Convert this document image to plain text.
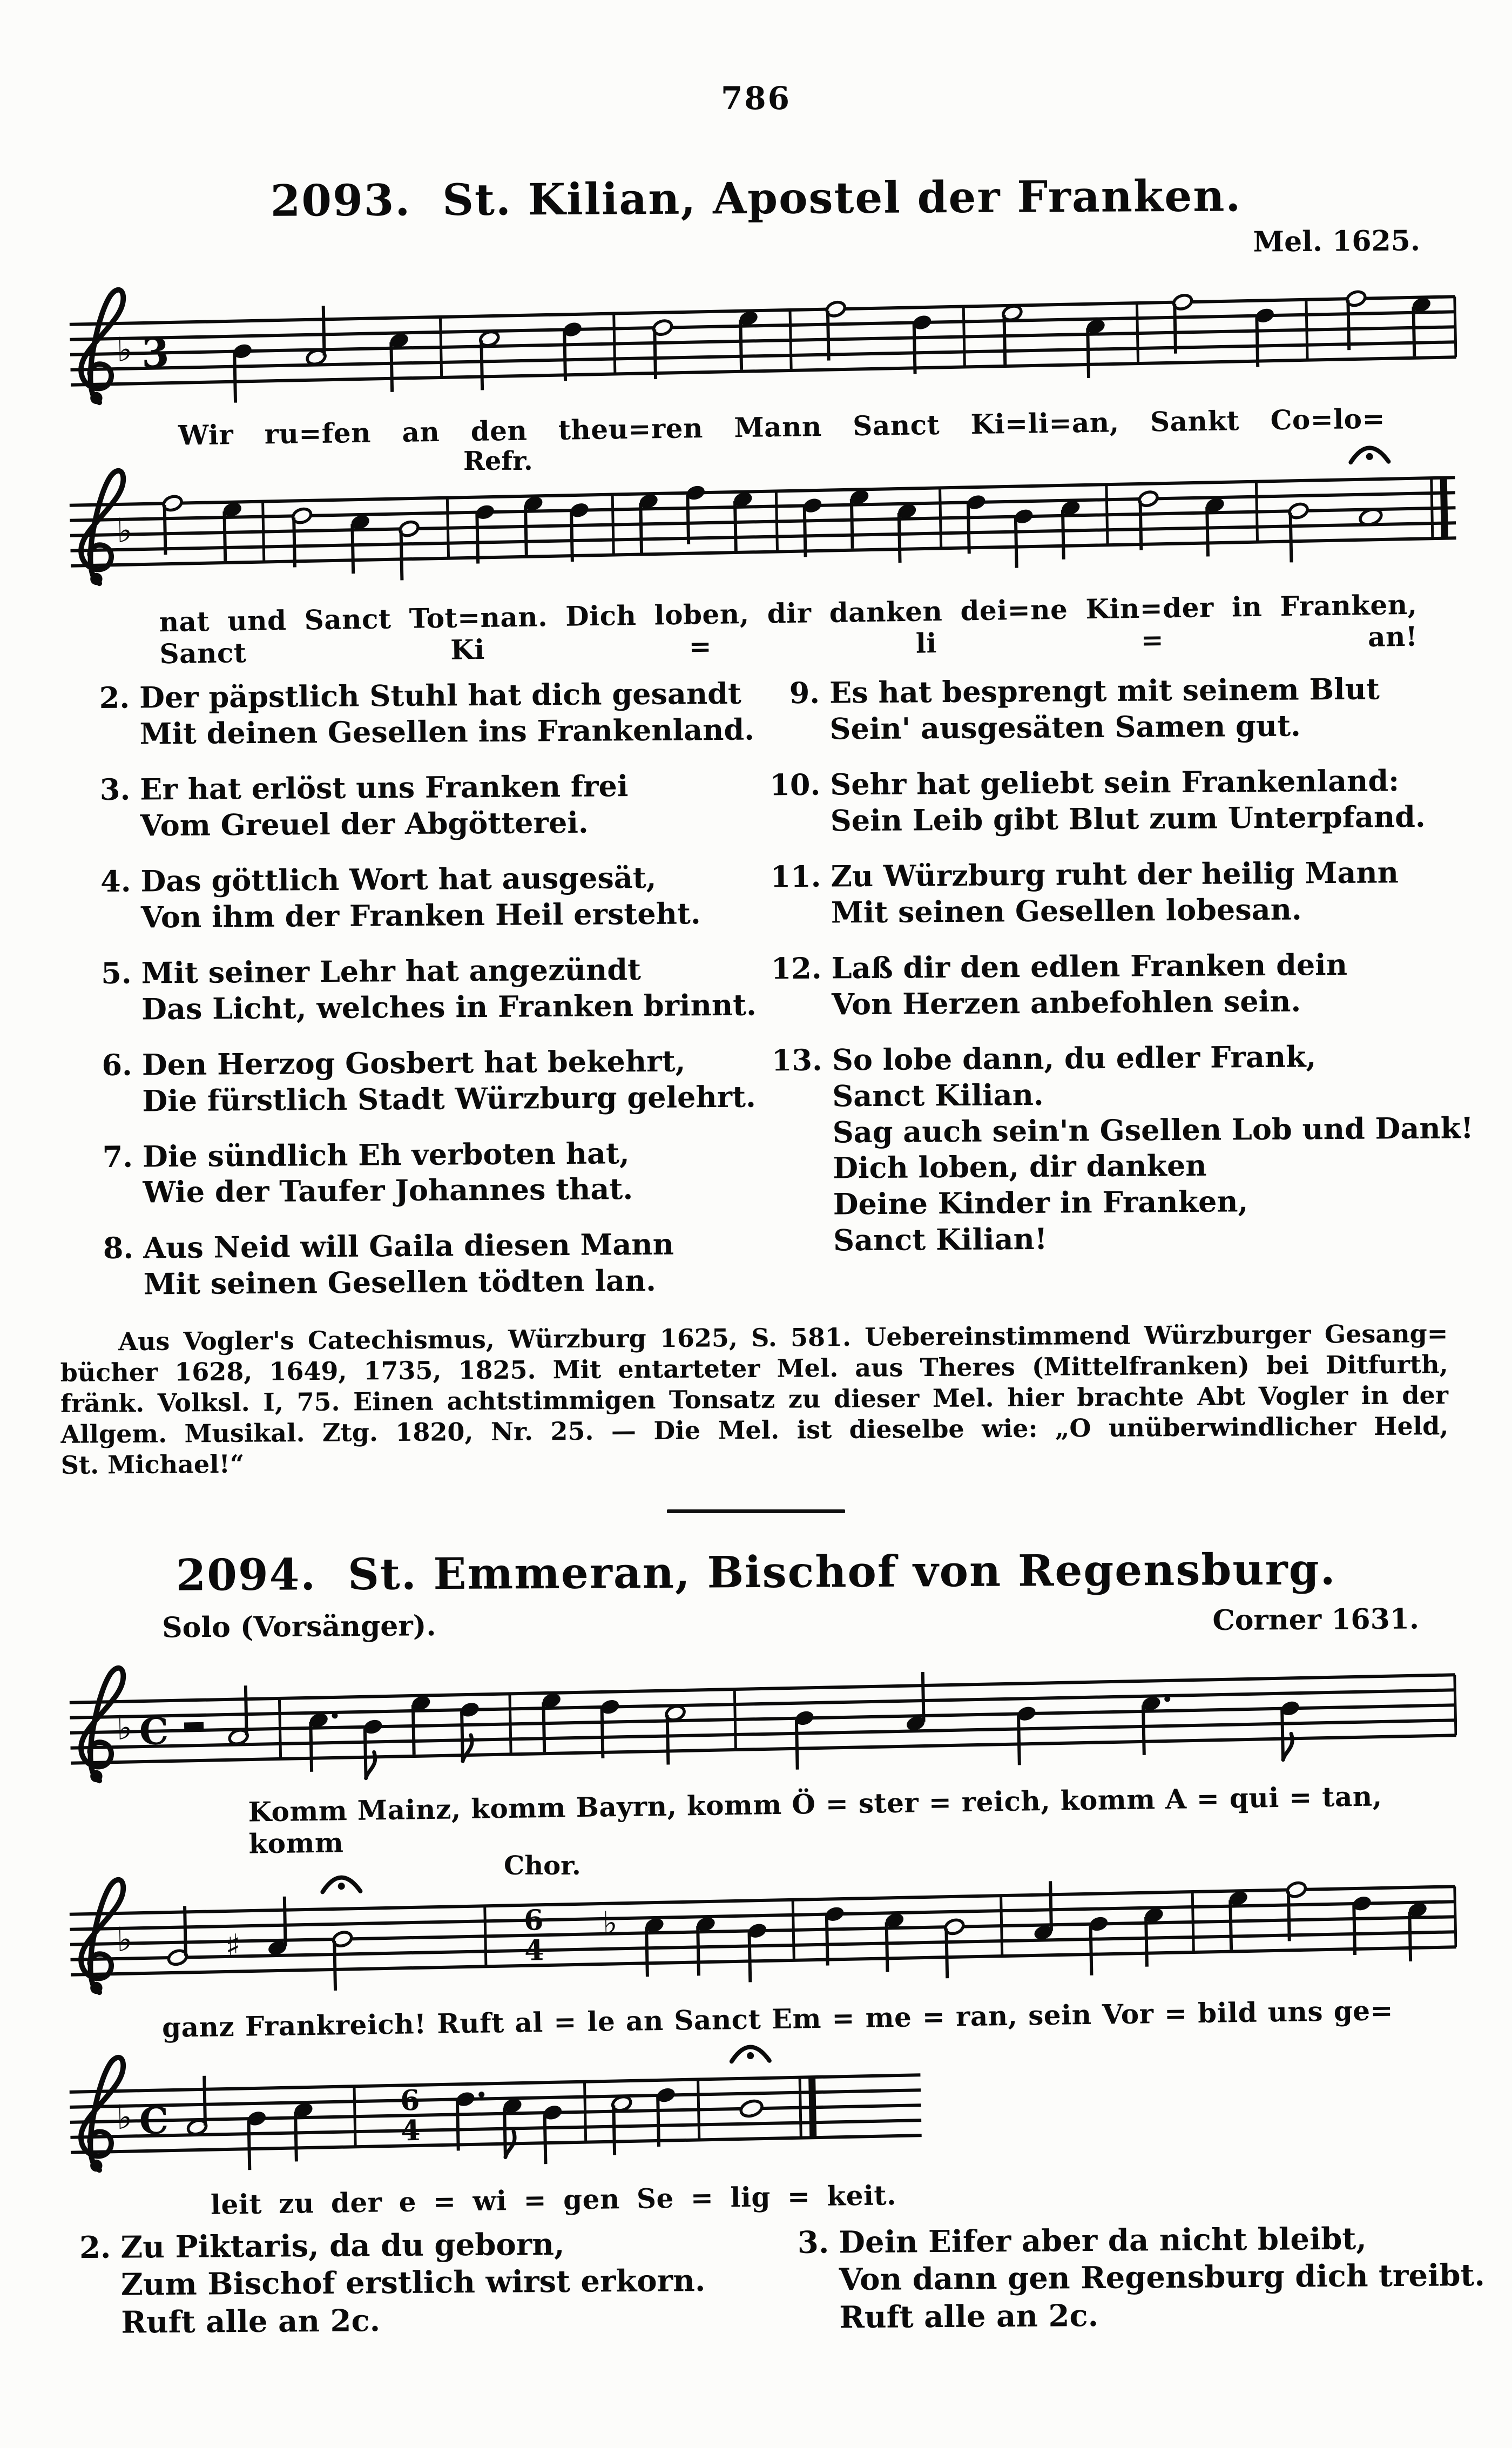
786
2093. St. Kilian, Apostel der Franken.
Mel. 1625.
♭ 3
Wir ru=fen an den theu=ren Mann Sanct Ki=li=an, Sankt Co=lo=
Refr.
♭
nat und Sanct Tot=nan. Dich loben, dir danken dei=ne Kin=der in Franken, Sanct Ki = li = an!
2. Der päpstlich Stuhl hat dich gesandt
Mit deinen Gesellen ins Frankenland.
3. Er hat erlöst uns Franken frei
Vom Greuel der Abgötterei.
4. Das göttlich Wort hat ausgesät,
Von ihm der Franken Heil ersteht.
5. Mit seiner Lehr hat angezündt
Das Licht, welches in Franken brinnt.
6. Den Herzog Gosbert hat bekehrt,
Die fürstlich Stadt Würzburg gelehrt.
7. Die sündlich Eh verboten hat,
Wie der Taufer Johannes that.
8. Aus Neid will Gaila diesen Mann
Mit seinen Gesellen tödten lan.
9. Es hat besprengt mit seinem Blut
Sein' ausgesäten Samen gut.
10. Sehr hat geliebt sein Frankenland:
Sein Leib gibt Blut zum Unterpfand.
11. Zu Würzburg ruht der heilig Mann
Mit seinen Gesellen lobesan.
12. Laß dir den edlen Franken dein
Von Herzen anbefohlen sein.
13. So lobe dann, du edler Frank,
Sanct Kilian.
Sag auch sein'n Gsellen Lob und Dank!
Dich loben, dir danken
Deine Kinder in Franken,
Sanct Kilian!
Aus Vogler's Catechismus, Würzburg 1625, S. 581. Uebereinstimmend Würzburger Gesang=
bücher 1628, 1649, 1735, 1825. Mit entarteter Mel. aus Theres (Mittelfranken) bei Ditfurth,
fränk. Volksl. I, 75. Einen achtstimmigen Tonsatz zu dieser Mel. hier brachte Abt Vogler in der
Allgem. Musikal. Ztg. 1820, Nr. 25. — Die Mel. ist dieselbe wie: „O unüberwindlicher Held,
St. Michael!“
2094. St. Emmeran, Bischof von Regensburg.
Solo (Vorsänger).	Corner 1631.
♭ C
Komm Mainz, komm Bayrn, komm Ö = ster = reich, komm A = qui = tan, komm
Chor.
♭	♯
6
4
♭
ganz Frankreich! Ruft al = le an Sanct Em = me = ran, sein Vor = bild uns ge=
♭ C	6
4
leit zu der e = wi = gen Se = lig = keit.
2. Zu Piktaris, da du geborn,
Zum Bischof erstlich wirst erkorn.
Ruft alle an 2c.
3. Dein Eifer aber da nicht bleibt,
Von dann gen Regensburg dich treibt.
Ruft alle an 2c.
